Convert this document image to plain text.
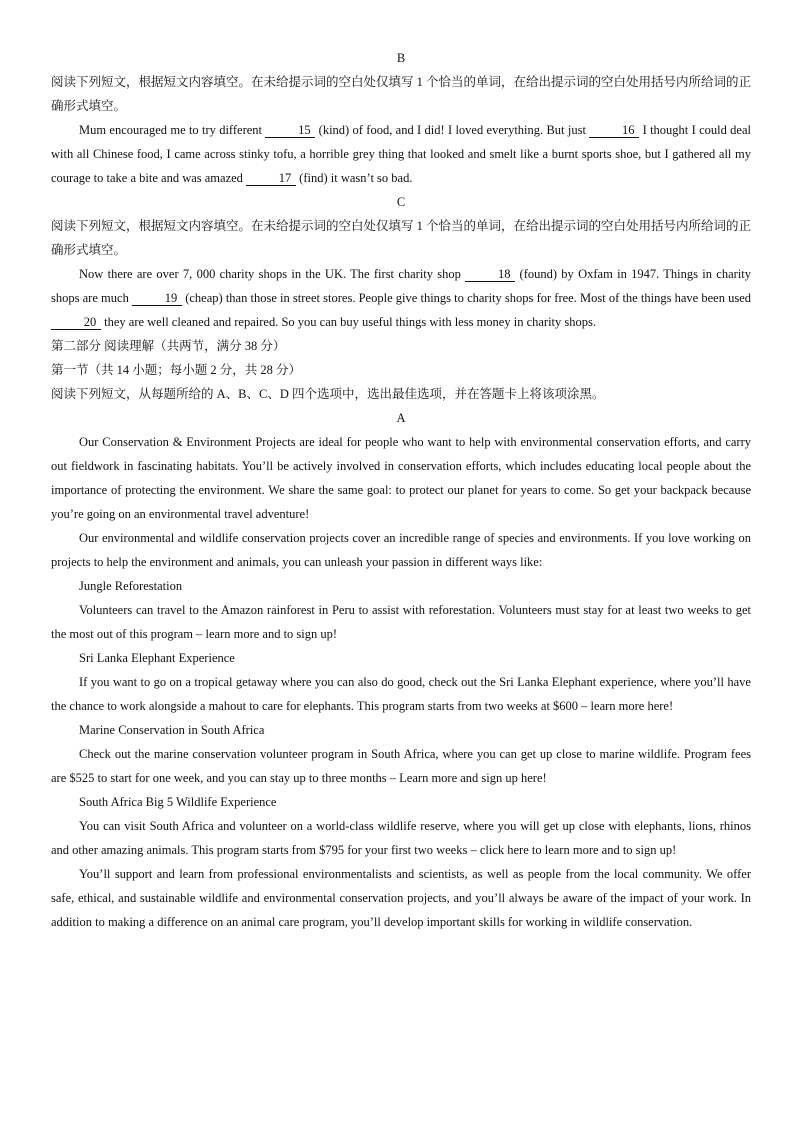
B
阅读下列短文，根据短文内容填空。在未给提示词的空白处仅填写 1 个恰当的单词，在给出提示词的空白处用括号内所给词的正确形式填空。
Mum encouraged me to try different	15 (kind) of food, and I did! I loved everything. But just	16 I thought I could deal with all Chinese food, I came across stinky tofu, a horrible grey thing that looked and smelt like a burnt sports shoe, but I gathered all my courage to take a bite and was amazed	17 (find) it wasn’t so bad.
C
阅读下列短文，根据短文内容填空。在未给提示词的空白处仅填写 1 个恰当的单词，在给出提示词的空白处用括号内所给词的正确形式填空。
Now there are over 7, 000 charity shops in the UK. The first charity shop	18 (found) by Oxfam in 1947. Things in charity shops are much	19 (cheap) than those in street stores. People give things to charity shops for free. Most of the things have been used 20 they are well cleaned and repaired. So you can buy useful things with less money in charity shops.
第二部分 阅读理解（共两节，满分 38 分）
第一节（共 14 小题；每小题 2 分，共 28 分）
阅读下列短文，从每题所给的 A、B、C、D 四个选项中，选出最佳选项，并在答题卡上将该项涂黑。
A
Our Conservation & Environment Projects are ideal for people who want to help with environmental conservation efforts, and carry out fieldwork in fascinating habitats. You’ll be actively involved in conservation efforts, which includes educating local people about the importance of protecting the environment. We share the same goal: to protect our planet for years to come. So get your backpack because you’re going on an environmental travel adventure!
Our environmental and wildlife conservation projects cover an incredible range of species and environments. If you love working on projects to help the environment and animals, you can unleash your passion in different ways like:
Jungle Reforestation
Volunteers can travel to the Amazon rainforest in Peru to assist with reforestation. Volunteers must stay for at least two weeks to get the most out of this program – learn more and to sign up!
Sri Lanka Elephant Experience
If you want to go on a tropical getaway where you can also do good, check out the Sri Lanka Elephant experience, where you’ll have the chance to work alongside a mahout to care for elephants. This program starts from two weeks at $600 – learn more here!
Marine Conservation in South Africa
Check out the marine conservation volunteer program in South Africa, where you can get up close to marine wildlife. Program fees are $525 to start for one week, and you can stay up to three months – Learn more and sign up here!
South Africa Big 5 Wildlife Experience
You can visit South Africa and volunteer on a world-class wildlife reserve, where you will get up close with elephants, lions, rhinos and other amazing animals. This program starts from $795 for your first two weeks – click here to learn more and to sign up!
You’ll support and learn from professional environmentalists and scientists, as well as people from the local community. We offer safe, ethical, and sustainable wildlife and environmental conservation projects, and you’ll always be aware of the impact of your work. In addition to making a difference on an animal care program, you’ll develop important skills for working in wildlife conservation.
